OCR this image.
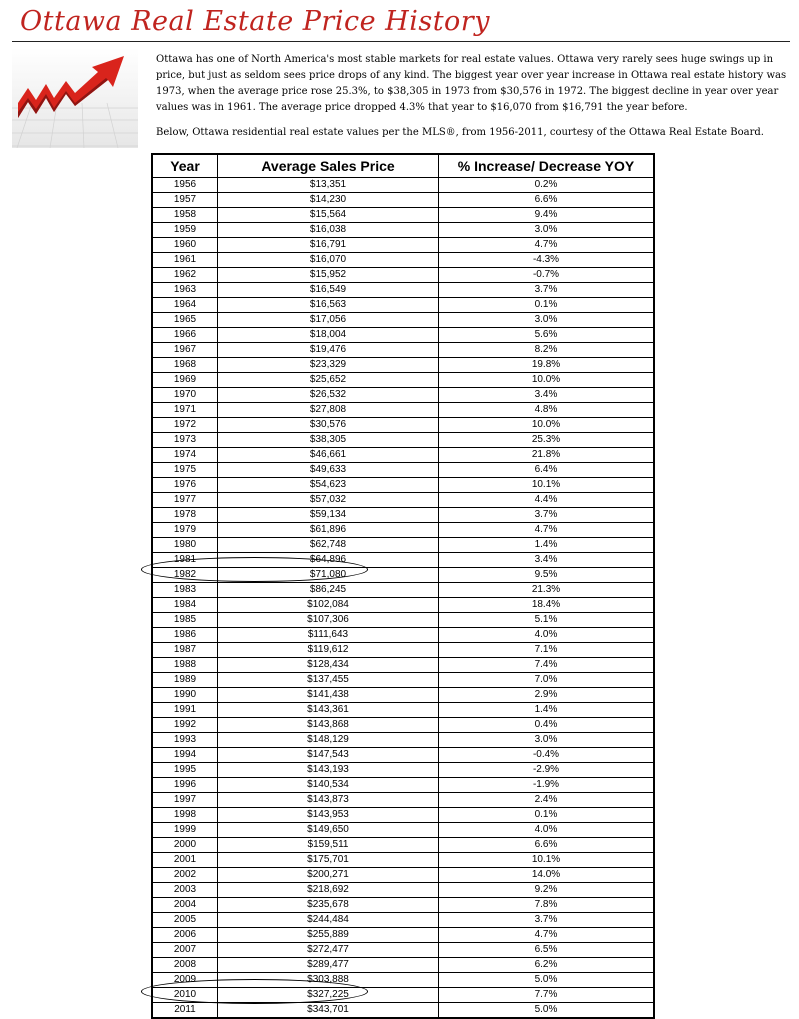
Ottawa Real Estate Price History

Ottawa has one of North America's most stable markets for real estate values. Ottawa very rarely sees huge swings up in price, but just as seldom sees price drops of any kind. The biggest year over year increase in Ottawa real estate history was 1973, when the average price rose 25.3%, to $38,305 in 1973 from $30,576 in 1972. The biggest decline in year over year values was in 1961. The average price dropped 4.3% that year to $16,070 from $16,791 the year before.

Below, Ottawa residential real estate values per the MLS®, from 1956-2011, courtesy of the Ottawa Real Estate Board.

Year	Average Sales Price	% Increase/ Decrease YOY
1956	$13,351	0.2%
1957	$14,230	6.6%
1958	$15,564	9.4%
1959	$16,038	3.0%
1960	$16,791	4.7%
1961	$16,070	-4.3%
1962	$15,952	-0.7%
1963	$16,549	3.7%
1964	$16,563	0.1%
1965	$17,056	3.0%
1966	$18,004	5.6%
1967	$19,476	8.2%
1968	$23,329	19.8%
1969	$25,652	10.0%
1970	$26,532	3.4%
1971	$27,808	4.8%
1972	$30,576	10.0%
1973	$38,305	25.3%
1974	$46,661	21.8%
1975	$49,633	6.4%
1976	$54,623	10.1%
1977	$57,032	4.4%
1978	$59,134	3.7%
1979	$61,896	4.7%
1980	$62,748	1.4%
1981	$64,896	3.4%
1982	$71,080	9.5%
1983	$86,245	21.3%
1984	$102,084	18.4%
1985	$107,306	5.1%
1986	$111,643	4.0%
1987	$119,612	7.1%
1988	$128,434	7.4%
1989	$137,455	7.0%
1990	$141,438	2.9%
1991	$143,361	1.4%
1992	$143,868	0.4%
1993	$148,129	3.0%
1994	$147,543	-0.4%
1995	$143,193	-2.9%
1996	$140,534	-1.9%
1997	$143,873	2.4%
1998	$143,953	0.1%
1999	$149,650	4.0%
2000	$159,511	6.6%
2001	$175,701	10.1%
2002	$200,271	14.0%
2003	$218,692	9.2%
2004	$235,678	7.8%
2005	$244,484	3.7%
2006	$255,889	4.7%
2007	$272,477	6.5%
2008	$289,477	6.2%
2009	$303,888	5.0%
2010	$327,225	7.7%
2011	$343,701	5.0%
